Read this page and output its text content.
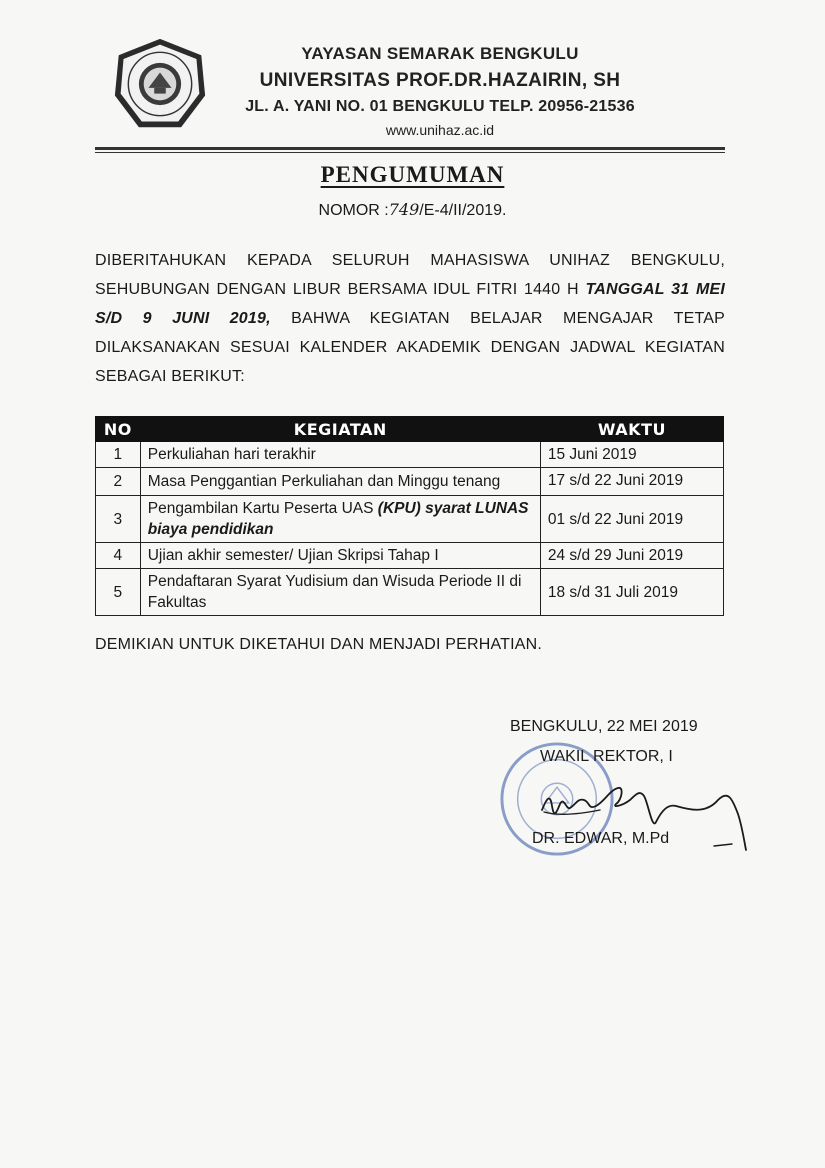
YAYASAN SEMARAK BENGKULU
UNIVERSITAS PROF.DR.HAZAIRIN, SH
JL. A. YANI NO. 01 BENGKULU TELP. 20956-21536
www.unihaz.ac.id
PENGUMUMAN
NOMOR :749/E-4/II/2019.
DIBERITAHUKAN KEPADA SELURUH MAHASISWA UNIHAZ BENGKULU, SEHUBUNGAN DENGAN LIBUR BERSAMA IDUL FITRI 1440 H TANGGAL 31 MEI S/D 9 JUNI 2019, BAHWA KEGIATAN BELAJAR MENGAJAR TETAP DILAKSANAKAN SESUAI KALENDER AKADEMIK DENGAN JADWAL KEGIATAN SEBAGAI BERIKUT:
NO	KEGIATAN	WAKTU
1	Perkuliahan hari terakhir	15 Juni 2019
2	Masa Penggantian Perkuliahan dan Minggu tenang	17 s/d 22 Juni 2019
3	Pengambilan Kartu Peserta UAS (KPU) syarat LUNAS biaya pendidikan	01 s/d 22 Juni 2019
4	Ujian akhir semester/ Ujian Skripsi Tahap I	24 s/d 29 Juni 2019
5	Pendaftaran Syarat Yudisium dan Wisuda Periode II di Fakultas	18 s/d 31 Juli 2019
DEMIKIAN UNTUK DIKETAHUI DAN MENJADI PERHATIAN.
BENGKULU, 22 MEI 2019
WAKIL REKTOR, I
DR. EDWAR, M.Pd
